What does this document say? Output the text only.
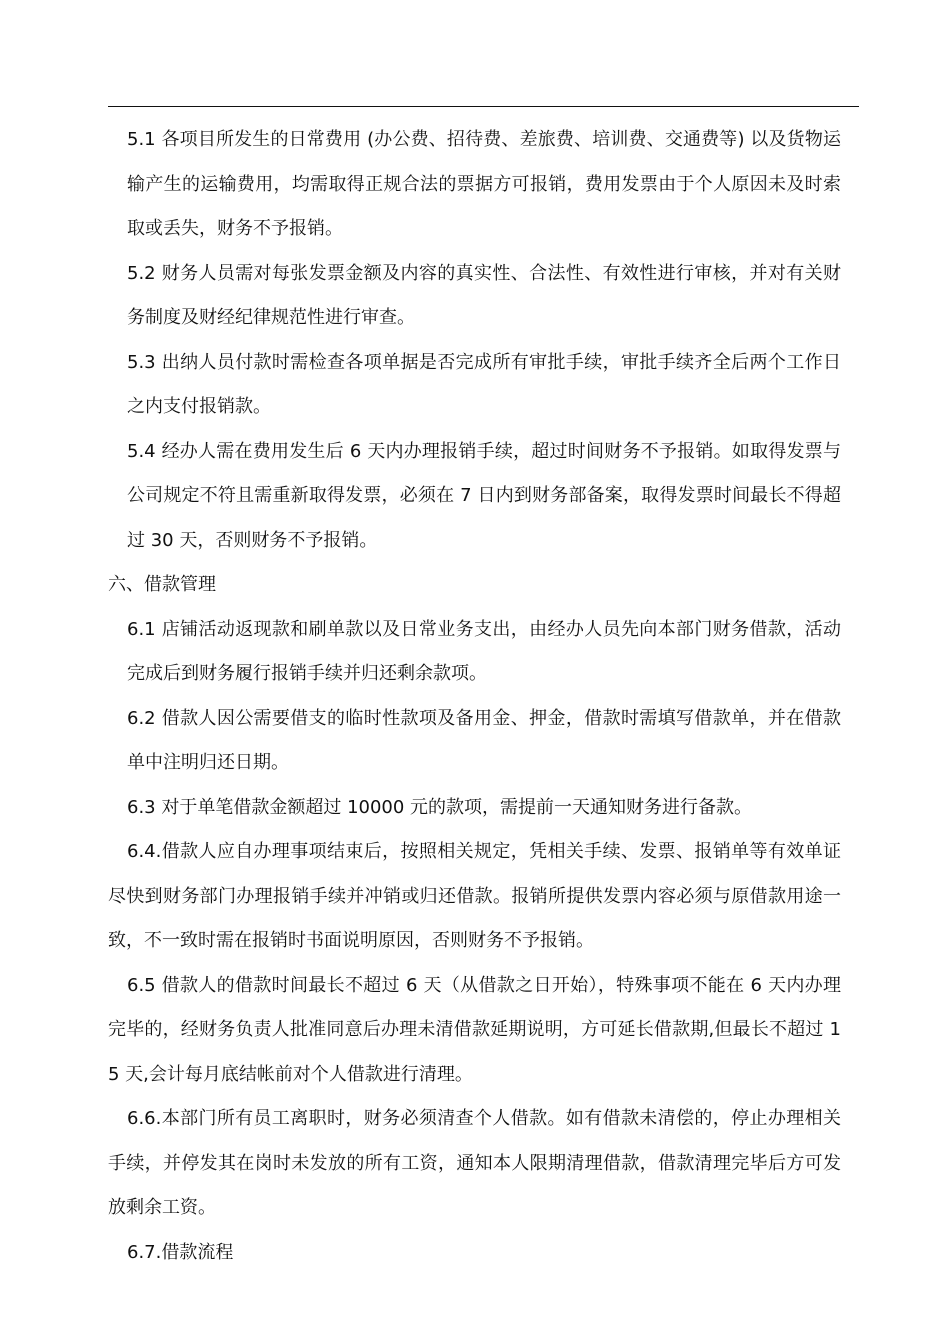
5.1 各项目所发生的日常费用 (办公费、招待费、差旅费、培训费、交通费等) 以及货物运输产生的运输费用，均需取得正规合法的票据方可报销，费用发票由于个人原因未及时索取或丢失，财务不予报销。

5.2 财务人员需对每张发票金额及内容的真实性、合法性、有效性进行审核，并对有关财务制度及财经纪律规范性进行审查。

5.3 出纳人员付款时需检查各项单据是否完成所有审批手续，审批手续齐全后两个工作日之内支付报销款。

5.4 经办人需在费用发生后 6 天内办理报销手续，超过时间财务不予报销。如取得发票与公司规定不符且需重新取得发票，必须在 7 日内到财务部备案，取得发票时间最长不得超过 30 天，否则财务不予报销。

六、借款管理

6.1 店铺活动返现款和刷单款以及日常业务支出，由经办人员先向本部门财务借款，活动完成后到财务履行报销手续并归还剩余款项。

6.2 借款人因公需要借支的临时性款项及备用金、押金，借款时需填写借款单，并在借款单中注明归还日期。

6.3 对于单笔借款金额超过 10000 元的款项，需提前一天通知财务进行备款。

6.4.借款人应自办理事项结束后，按照相关规定，凭相关手续、发票、报销单等有效单证尽快到财务部门办理报销手续并冲销或归还借款。报销所提供发票内容必须与原借款用途一致，不一致时需在报销时书面说明原因，否则财务不予报销。

6.5 借款人的借款时间最长不超过 6 天（从借款之日开始），特殊事项不能在 6 天内办理完毕的，经财务负责人批准同意后办理未清借款延期说明，方可延长借款期,但最长不超过 15 天,会计每月底结帐前对个人借款进行清理。

6.6.本部门所有员工离职时，财务必须清查个人借款。如有借款未清偿的，停止办理相关手续，并停发其在岗时未发放的所有工资，通知本人限期清理借款，借款清理完毕后方可发放剩余工资。

6.7.借款流程
